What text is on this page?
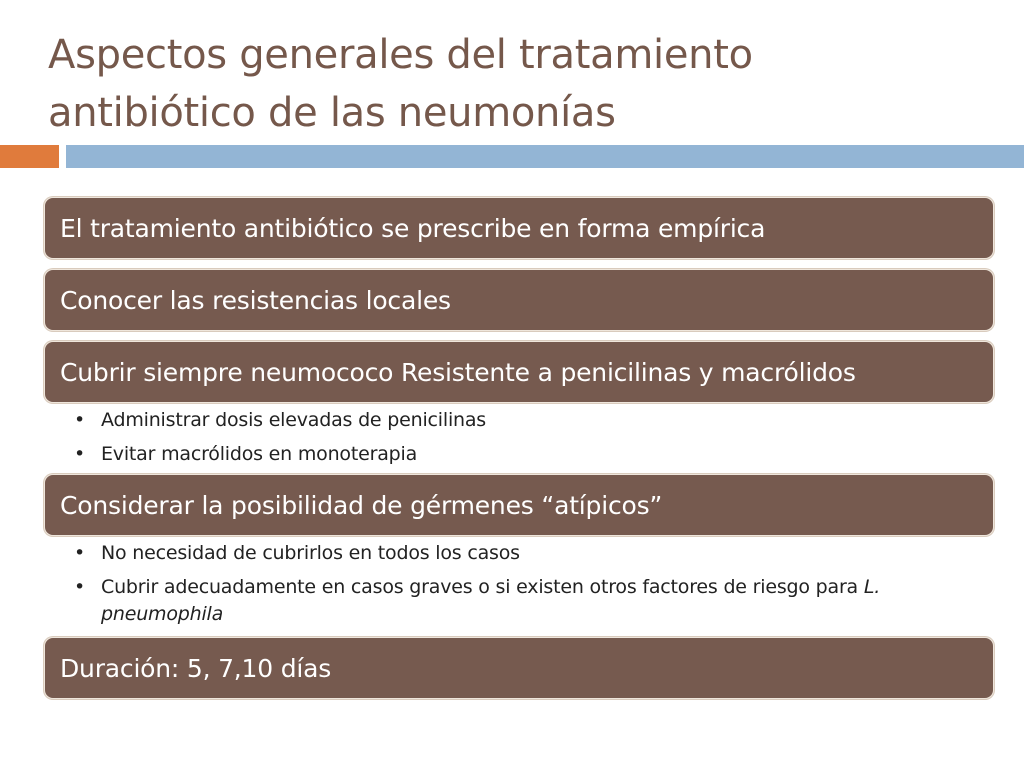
Aspectos generales del tratamiento
antibiótico de las neumonías
El tratamiento antibiótico se prescribe en forma empírica
Conocer las resistencias locales
Cubrir siempre neumococo Resistente a penicilinas y macrólidos
• Administrar dosis elevadas de penicilinas
• Evitar macrólidos en monoterapia
Considerar la posibilidad de gérmenes “atípicos”
• No necesidad de cubrirlos en todos los casos
• Cubrir adecuadamente en casos graves o si existen otros factores de riesgo para L. pneumophila
Duración: 5, 7,10 días
